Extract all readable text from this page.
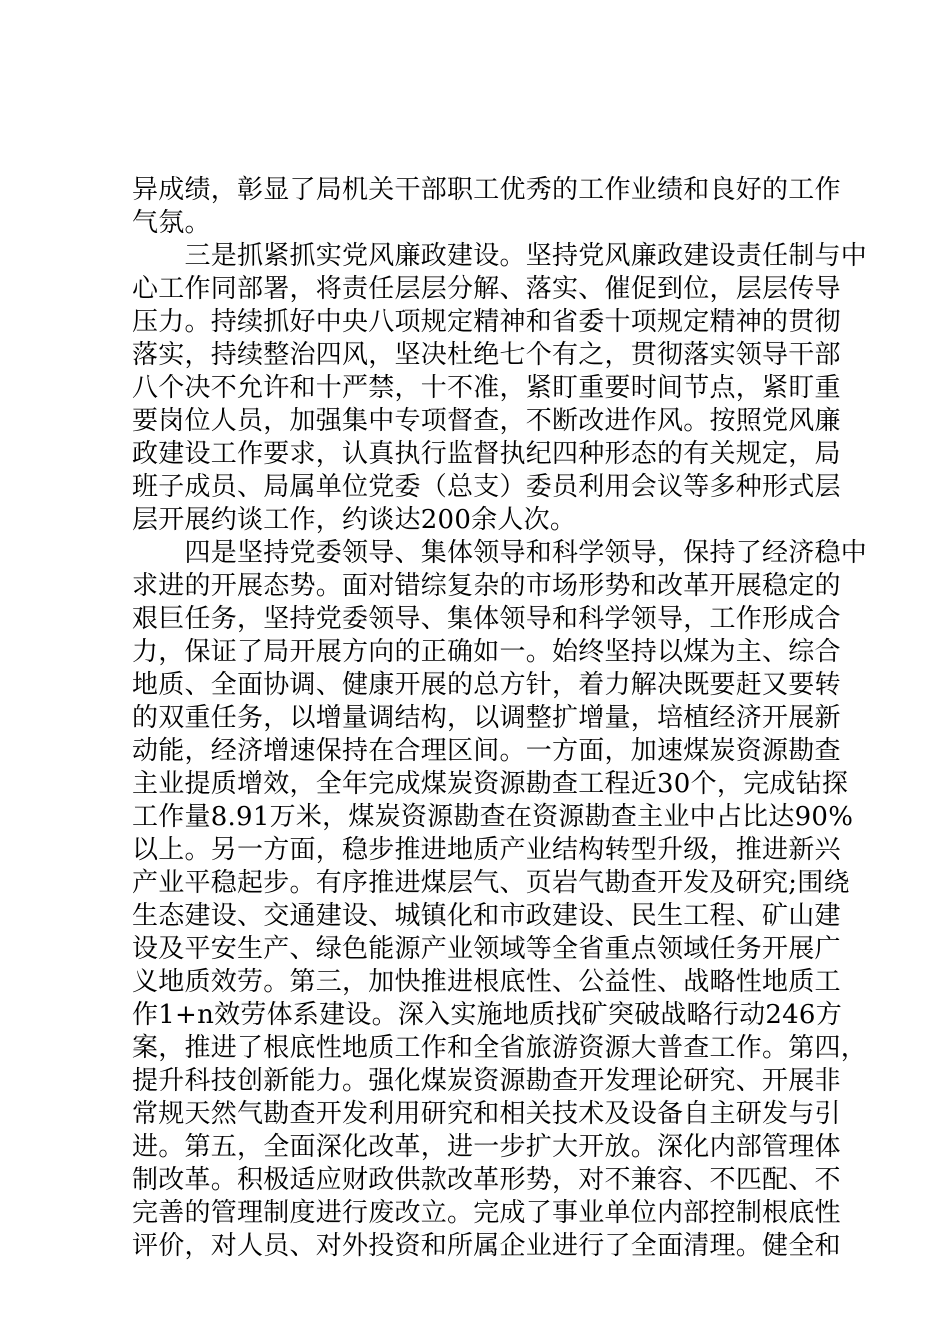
异成绩，彰显了局机关干部职工优秀的工作业绩和良好的工作
气氛。
　　三是抓紧抓实党风廉政建设。坚持党风廉政建设责任制与中
心工作同部署，将责任层层分解、落实、催促到位，层层传导
压力。持续抓好中央八项规定精神和省委十项规定精神的贯彻
落实，持续整治四风，坚决杜绝七个有之，贯彻落实领导干部
八个决不允许和十严禁，十不准，紧盯重要时间节点，紧盯重
要岗位人员，加强集中专项督查，不断改进作风。按照党风廉
政建设工作要求，认真执行监督执纪四种形态的有关规定，局
班子成员、局属单位党委（总支）委员利用会议等多种形式层
层开展约谈工作，约谈达200余人次。
　　四是坚持党委领导、集体领导和科学领导，保持了经济稳中
求进的开展态势。面对错综复杂的市场形势和改革开展稳定的
艰巨任务，坚持党委领导、集体领导和科学领导，工作形成合
力，保证了局开展方向的正确如一。始终坚持以煤为主、综合
地质、全面协调、健康开展的总方针，着力解决既要赶又要转
的双重任务，以增量调结构，以调整扩增量，培植经济开展新
动能，经济增速保持在合理区间。一方面，加速煤炭资源勘查
主业提质增效，全年完成煤炭资源勘查工程近30个，完成钻探
工作量8.91万米，煤炭资源勘查在资源勘查主业中占比达90%
以上。另一方面，稳步推进地质产业结构转型升级，推进新兴
产业平稳起步。有序推进煤层气、页岩气勘查开发及研究;围绕
生态建设、交通建设、城镇化和市政建设、民生工程、矿山建
设及平安生产、绿色能源产业领域等全省重点领域任务开展广
义地质效劳。第三，加快推进根底性、公益性、战略性地质工
作1+n效劳体系建设。深入实施地质找矿突破战略行动246方
案，推进了根底性地质工作和全省旅游资源大普查工作。第四，
提升科技创新能力。强化煤炭资源勘查开发理论研究、开展非
常规天然气勘查开发利用研究和相关技术及设备自主研发与引
进。第五，全面深化改革，进一步扩大开放。深化内部管理体
制改革。积极适应财政供款改革形势，对不兼容、不匹配、不
完善的管理制度进行废改立。完成了事业单位内部控制根底性
评价，对人员、对外投资和所属企业进行了全面清理。健全和
